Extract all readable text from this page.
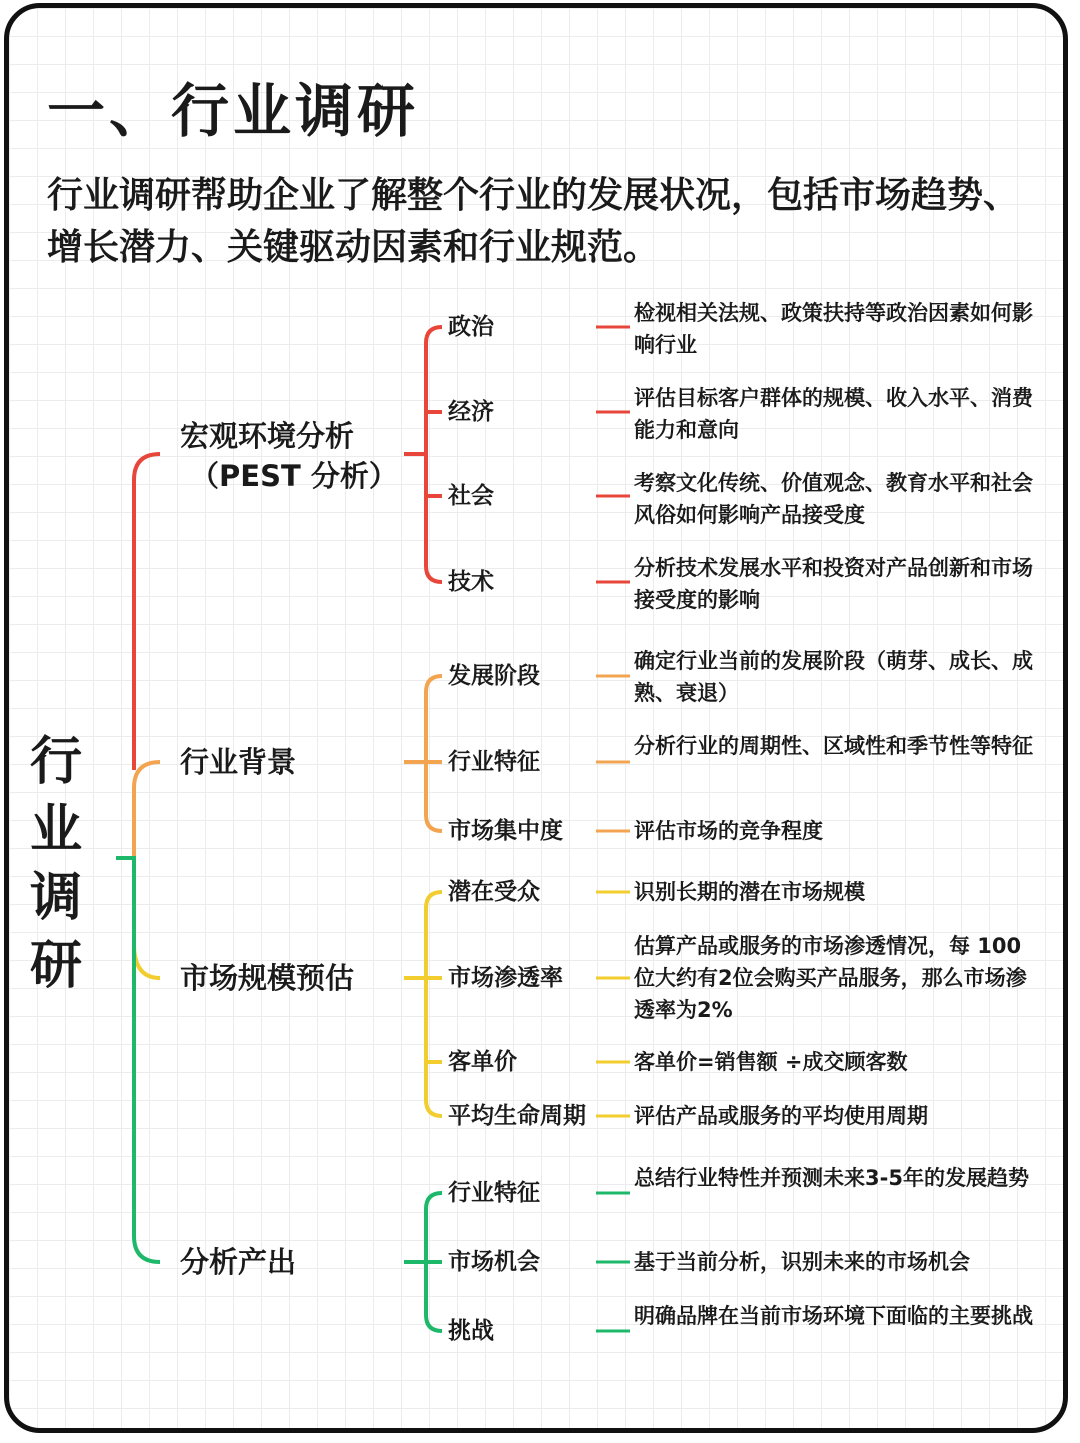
一、行业调研

行业调研帮助企业了解整个行业的发展状况，包括市场趋势、增长潜力、关键驱动因素和行业规范。

行业调研
宏观环境分析
（PEST 分析）
行业背景
市场规模预估
分析产出
政治
经济
社会
技术
发展阶段
行业特征
市场集中度
潜在受众
市场渗透率
客单价
平均生命周期
行业特征
市场机会
挑战
检视相关法规、政策扶持等政治因素如何影响行业
评估目标客户群体的规模、收入水平、消费能力和意向
考察文化传统、价值观念、教育水平和社会风俗如何影响产品接受度
分析技术发展水平和投资对产品创新和市场接受度的影响
确定行业当前的发展阶段（萌芽、成长、成熟、衰退）
分析行业的周期性、区域性和季节性等特征
评估市场的竞争程度
识别长期的潜在市场规模
估算产品或服务的市场渗透情况，每 100 位大约有2位会购买产品服务，那么市场渗透率为2%
客单价=销售额 ÷成交顾客数
评估产品或服务的平均使用周期
总结行业特性并预测未来3-5年的发展趋势
基于当前分析，识别未来的市场机会
明确品牌在当前市场环境下面临的主要挑战
